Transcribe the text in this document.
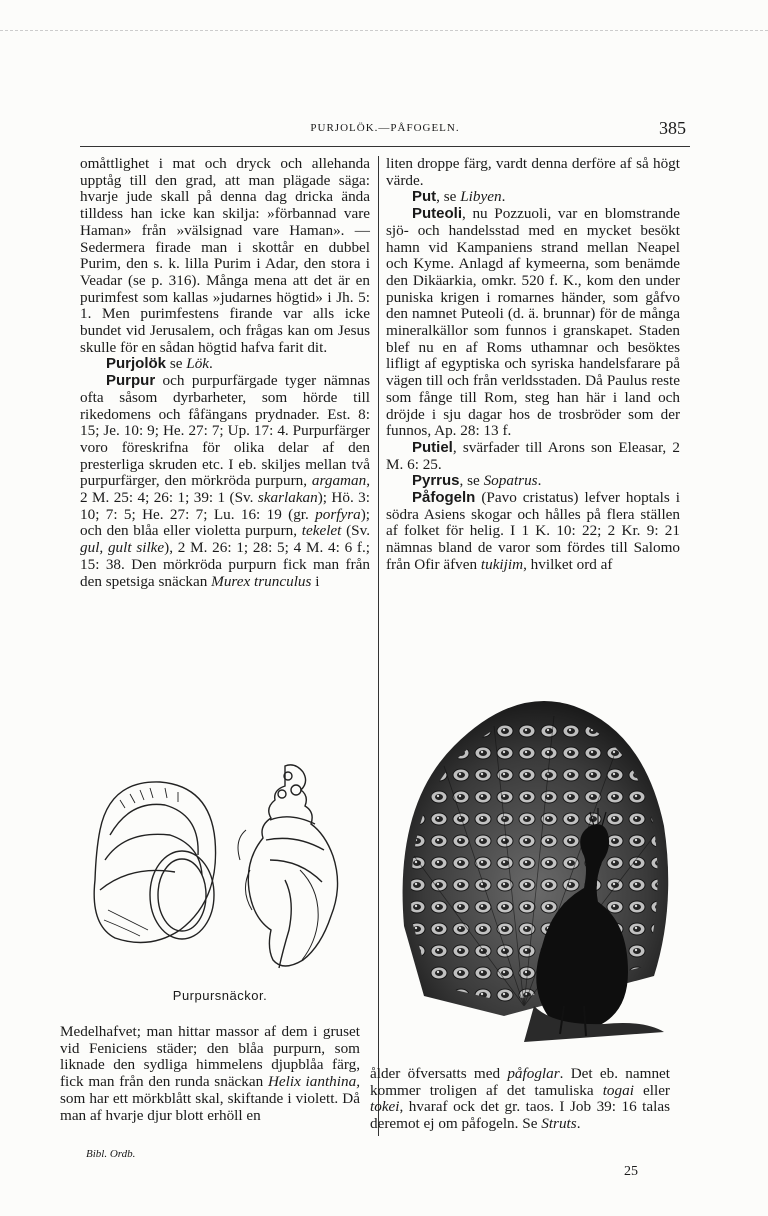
PURJOLÖK.—PÅFOGELN.	385

omåttlighet i mat och dryck och allehanda upptåg till den grad, att man plägade säga: hvarje jude skall på denna dag dricka ända tilldess han icke kan skilja: »förbannad vare Haman» från »välsignad vare Haman». — Sedermera firade man i skottår en dubbel Purim, den s. k. lilla Purim i Adar, den stora i Veadar (se p. 316). Många mena att det är en purimfest som kallas »judarnes högtid» i Jh. 5: 1. Men purimfestens firande var alls icke bundet vid Jerusalem, och frågas kan om Jesus skulle för en sådan högtid hafva farit dit.

Purjolök se Lök.

Purpur och purpurfärgade tyger nämnas ofta såsom dyrbarheter, som hörde till rikedomens och fåfängans prydnader. Est. 8: 15; Je. 10: 9; He. 27: 7; Up. 17: 4. Purpurfärger voro föreskrifna för olika delar af den presterliga skruden etc. I eb. skiljes mellan två purpurfärger, den mörkröda purpurn, argaman, 2 M. 25: 4; 26: 1; 39: 1 (Sv. skarlakan); Hö. 3: 10; 7: 5; He. 27: 7; Lu. 16: 19 (gr. porfyra); och den blåa eller violetta purpurn, tekelet (Sv. gul, gult silke), 2 M. 26: 1; 28: 5; 4 M. 4: 6 f.; 15: 38. Den mörkröda purpurn fick man från den spetsiga snäckan Murex trunculus i

Purpursnäckor.

Medelhafvet; man hittar massor af dem i gruset vid Feniciens städer; den blåa purpurn, som liknade den sydliga himmelens djupblåa färg, fick man från den runda snäckan Helix ianthina, som har ett mörkblått skal, skiftande i violett. Då man af hvarje djur blott erhöll en

liten droppe färg, vardt denna derföre af så högt värde.

Put, se Libyen.

Puteoli, nu Pozzuoli, var en blomstrande sjö- och handelsstad med en mycket besökt hamn vid Kampaniens strand mellan Neapel och Kyme. Anlagd af kymeerna, som benämde den Dikäarkia, omkr. 520 f. K., kom den under puniska krigen i romarnes händer, som gåfvo den namnet Puteoli (d. ä. brunnar) för de många mineralkällor som funnos i granskapet. Staden blef nu en af Roms uthamnar och besöktes lifligt af egyptiska och syriska handelsfarare på vägen till och från verldsstaden. Då Paulus reste som fånge till Rom, steg han här i land och dröjde i sju dagar hos de trosbröder som der funnos, Ap. 28: 13 f.

Putiel, svärfader till Arons son Eleasar, 2 M. 6: 25.

Pyrrus, se Sopatrus.

Påfogeln (Pavo cristatus) lefver hoptals i södra Asiens skogar och hålles på flera ställen af folket för helig. I 1 K. 10: 22; 2 Kr. 9: 21 nämnas bland de varor som fördes till Salomo från Ofir äfven tukijim, hvilket ord af

ålder öfversatts med påfoglar. Det eb. namnet kommer troligen af det tamuliska togai eller tokei, hvaraf ock det gr. taos. I Job 39: 16 talas deremot ej om påfogeln. Se Struts.

Bibl. Ordb.
25
